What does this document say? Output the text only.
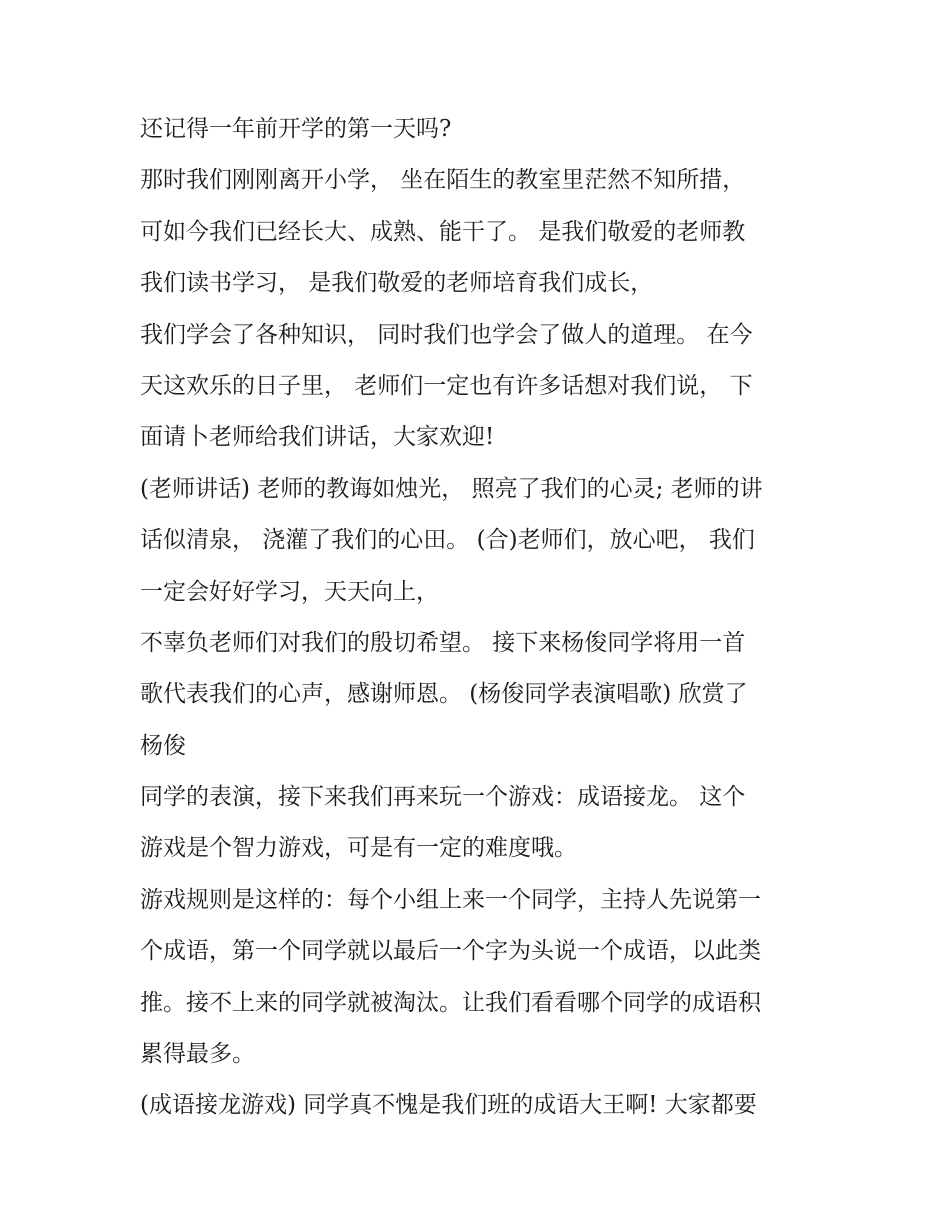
还记得一年前开学的第一天吗?
那时我们刚刚离开小学， 坐在陌生的教室里茫然不知所措，
可如今我们已经长大、成熟、能干了。 是我们敬爱的老师教
我们读书学习， 是我们敬爱的老师培育我们成长，
我们学会了各种知识， 同时我们也学会了做人的道理。 在今
天这欢乐的日子里， 老师们一定也有许多话想对我们说， 下
面请卜老师给我们讲话，大家欢迎!
(老师讲话) 老师的教诲如烛光， 照亮了我们的心灵; 老师的讲
话似清泉， 浇灌了我们的心田。 (合)老师们，放心吧， 我们
一定会好好学习，天天向上，
不辜负老师们对我们的殷切希望。 接下来杨俊同学将用一首
歌代表我们的心声，感谢师恩。 (杨俊同学表演唱歌) 欣赏了
杨俊
同学的表演，接下来我们再来玩一个游戏：成语接龙。 这个
游戏是个智力游戏，可是有一定的难度哦。
游戏规则是这样的：每个小组上来一个同学，主持人先说第一
个成语，第一个同学就以最后一个字为头说一个成语，以此类
推。接不上来的同学就被淘汰。让我们看看哪个同学的成语积
累得最多。
(成语接龙游戏) 同学真不愧是我们班的成语大王啊! 大家都要
